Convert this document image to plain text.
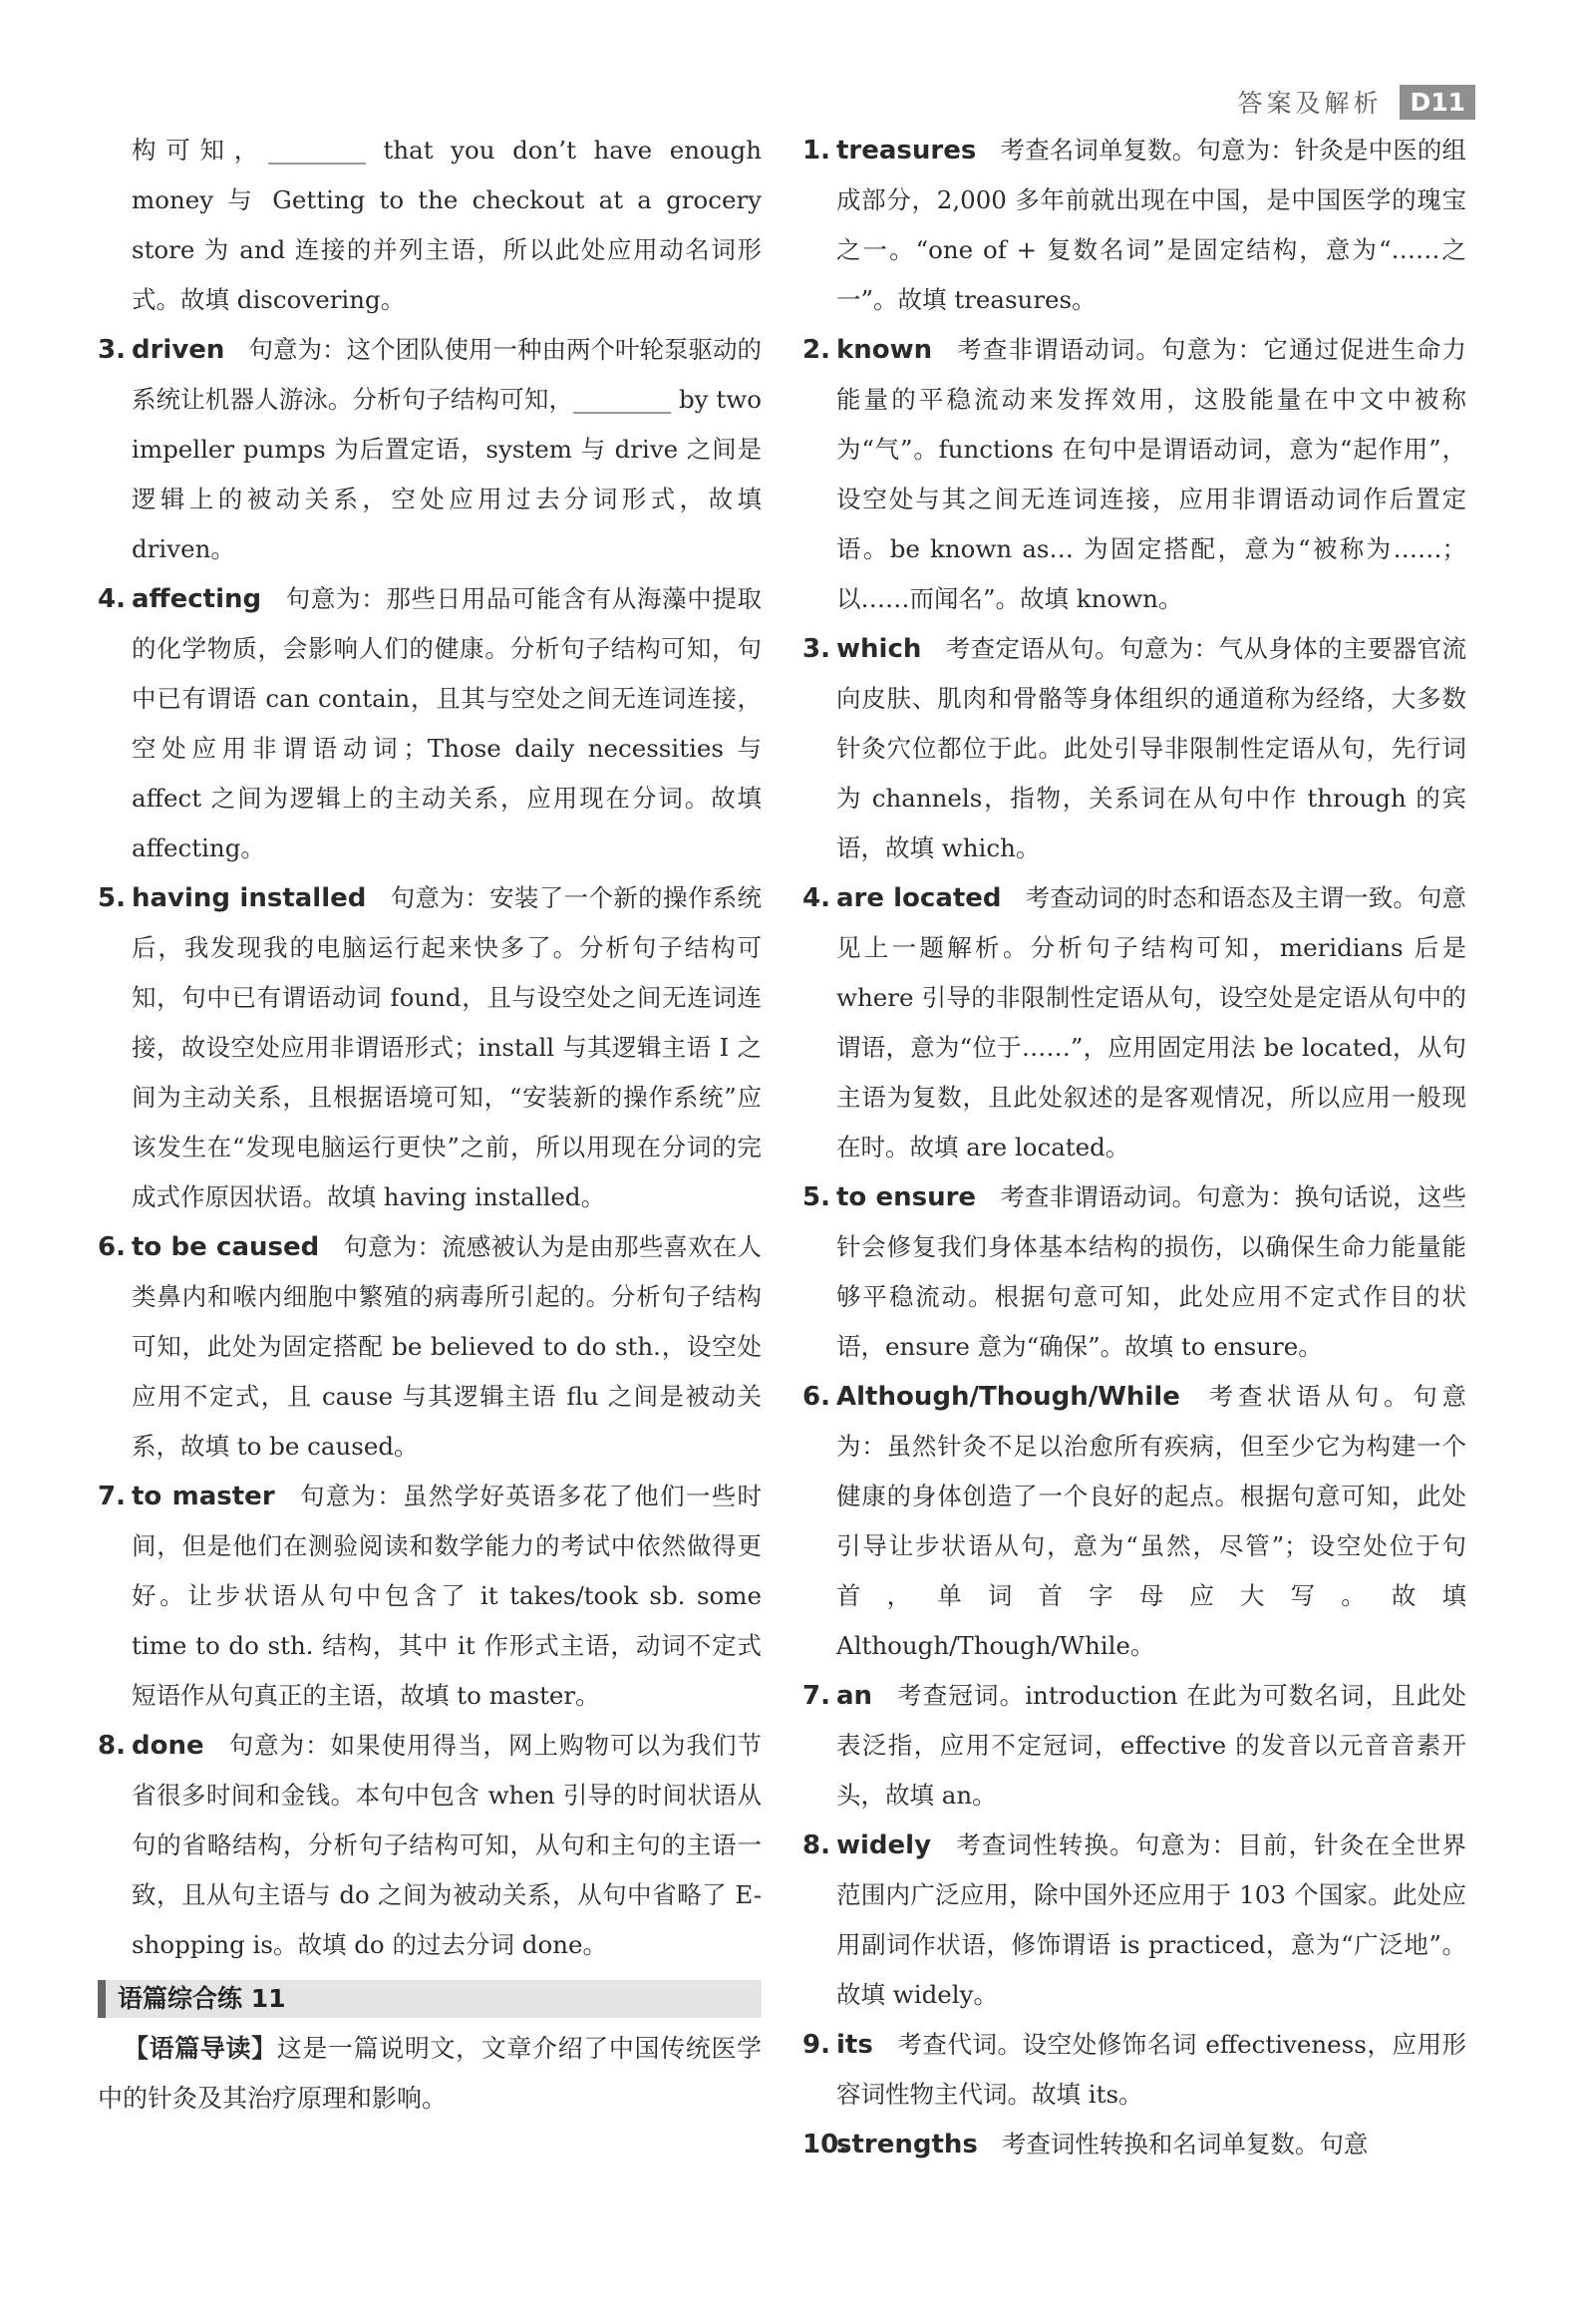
答案及解析	D11
构可知，________ that you don’t have enough money 与 Getting to the checkout at a grocery store 为 and 连接的并列主语，所以此处应用动名词形式。故填 discovering。
3. driven 句意为：这个团队使用一种由两个叶轮泵驱动的系统让机器人游泳。分析句子结构可知，________ by two impeller pumps 为后置定语，system 与 drive 之间是逻辑上的被动关系，空处应用过去分词形式，故填 driven。
4. affecting 句意为：那些日用品可能含有从海藻中提取的化学物质，会影响人们的健康。分析句子结构可知，句中已有谓语 can contain，且其与空处之间无连词连接，空处应用非谓语动词；Those daily necessities 与 affect 之间为逻辑上的主动关系，应用现在分词。故填 affecting。
5. having installed 句意为：安装了一个新的操作系统后，我发现我的电脑运行起来快多了。分析句子结构可知，句中已有谓语动词 found，且与设空处之间无连词连接，故设空处应用非谓语形式；install 与其逻辑主语 I 之间为主动关系，且根据语境可知，“安装新的操作系统”应该发生在“发现电脑运行更快”之前，所以用现在分词的完成式作原因状语。故填 having installed。
6. to be caused 句意为：流感被认为是由那些喜欢在人类鼻内和喉内细胞中繁殖的病毒所引起的。分析句子结构可知，此处为固定搭配 be believed to do sth.，设空处应用不定式，且 cause 与其逻辑主语 flu 之间是被动关系，故填 to be caused。
7. to master 句意为：虽然学好英语多花了他们一些时间，但是他们在测验阅读和数学能力的考试中依然做得更好。让步状语从句中包含了 it takes/took sb. some time to do sth. 结构，其中 it 作形式主语，动词不定式短语作从句真正的主语，故填 to master。
8. done 句意为：如果使用得当，网上购物可以为我们节省很多时间和金钱。本句中包含 when 引导的时间状语从句的省略结构，分析句子结构可知，从句和主句的主语一致，且从句主语与 do 之间为被动关系，从句中省略了 E-shopping is。故填 do 的过去分词 done。
语篇综合练 11
【语篇导读】这是一篇说明文，文章介绍了中国传统医学中的针灸及其治疗原理和影响。
1. treasures 考查名词单复数。句意为：针灸是中医的组成部分，2,000 多年前就出现在中国，是中国医学的瑰宝之一。“one of + 复数名词”是固定结构，意为“……之一”。故填 treasures。
2. known 考查非谓语动词。句意为：它通过促进生命力能量的平稳流动来发挥效用，这股能量在中文中被称为“气”。functions 在句中是谓语动词，意为“起作用”，设空处与其之间无连词连接，应用非谓语动词作后置定语。be known as… 为固定搭配，意为“被称为……；以……而闻名”。故填 known。
3. which 考查定语从句。句意为：气从身体的主要器官流向皮肤、肌肉和骨骼等身体组织的通道称为经络，大多数针灸穴位都位于此。此处引导非限制性定语从句，先行词为 channels，指物，关系词在从句中作 through 的宾语，故填 which。
4. are located 考查动词的时态和语态及主谓一致。句意见上一题解析。分析句子结构可知，meridians 后是 where 引导的非限制性定语从句，设空处是定语从句中的谓语，意为“位于……”，应用固定用法 be located，从句主语为复数，且此处叙述的是客观情况，所以应用一般现在时。故填 are located。
5. to ensure 考查非谓语动词。句意为：换句话说，这些针会修复我们身体基本结构的损伤，以确保生命力能量能够平稳流动。根据句意可知，此处应用不定式作目的状语，ensure 意为“确保”。故填 to ensure。
6. Although/Though/While 考查状语从句。句意为：虽然针灸不足以治愈所有疾病，但至少它为构建一个健康的身体创造了一个良好的起点。根据句意可知，此处引导让步状语从句，意为“虽然，尽管”；设空处位于句首，单词首字母应大写。故填 Although/Though/While。
7. an 考查冠词。introduction 在此为可数名词，且此处表泛指，应用不定冠词，effective 的发音以元音音素开头，故填 an。
8. widely 考查词性转换。句意为：目前，针灸在全世界范围内广泛应用，除中国外还应用于 103 个国家。此处应用副词作状语，修饰谓语 is practiced，意为“广泛地”。故填 widely。
9. its 考查代词。设空处修饰名词 effectiveness，应用形容词性物主代词。故填 its。
10.
strengths 考查词性转换和名词单复数。句意
